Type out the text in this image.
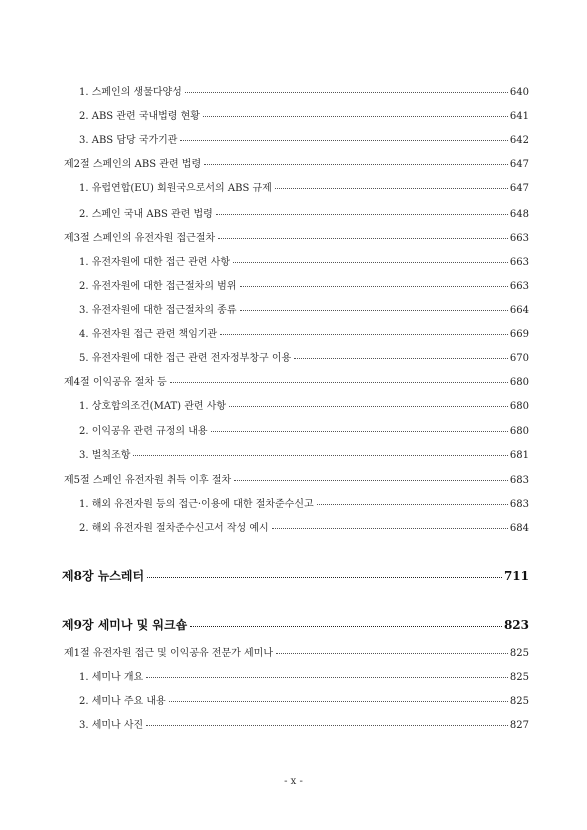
1. 스페인의 생물다양성	640
2. ABS 관련 국내법령 현황	641
3. ABS 담당 국가기관	642
제2절 스페인의 ABS 관련 법령	647
1. 유럽연합(EU) 회원국으로서의 ABS 규제	647
2. 스페인 국내 ABS 관련 법령	648
제3절 스페인의 유전자원 접근절차	663
1. 유전자원에 대한 접근 관련 사항	663
2. 유전자원에 대한 접근절차의 범위	663
3. 유전자원에 대한 접근절차의 종류	664
4. 유전자원 접근 관련 책임기관	669
5. 유전자원에 대한 접근 관련 전자정부창구 이용	670
제4절 이익공유 절차 등	680
1. 상호합의조건(MAT) 관련 사항	680
2. 이익공유 관련 규정의 내용	680
3. 벌칙조항	681
제5절 스페인 유전자원 취득 이후 절차	683
1. 해외 유전자원 등의 접근·이용에 대한 절차준수신고	683
2. 해외 유전자원 절차준수신고서 작성 예시	684
제8장 뉴스레터	711
제9장 세미나 및 워크숍	823
제1절 유전자원 접근 및 이익공유 전문가 세미나	825
1. 세미나 개요	825
2. 세미나 주요 내용	825
3. 세미나 사진	827
- x -
